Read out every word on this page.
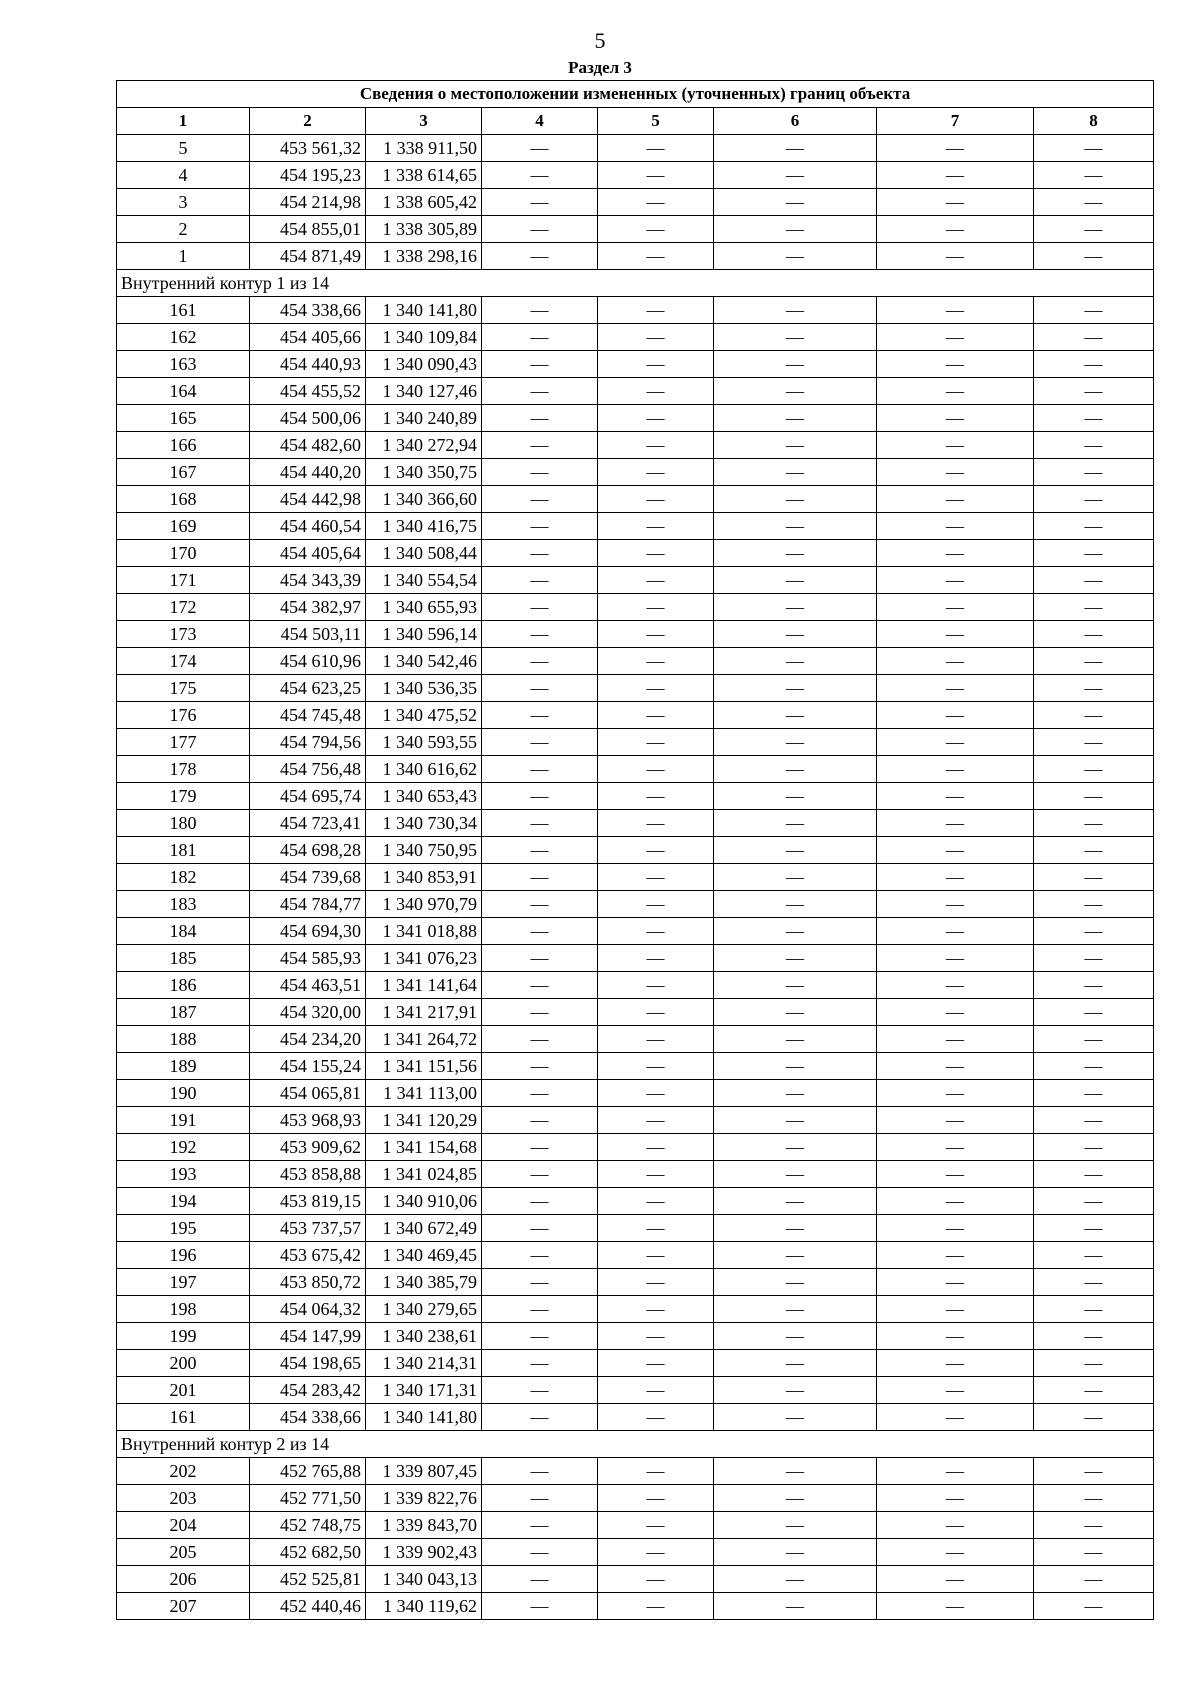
5
Раздел 3
Сведения о местоположении измененных (уточненных) границ объекта							
1	2	3	4	5	6	7	8
5	453 561,32	1 338 911,50	—	—	—	—	—
4	454 195,23	1 338 614,65	—	—	—	—	—
3	454 214,98	1 338 605,42	—	—	—	—	—
2	454 855,01	1 338 305,89	—	—	—	—	—
1	454 871,49	1 338 298,16	—	—	—	—	—
Внутренний контур 1 из 14							
161	454 338,66	1 340 141,80	—	—	—	—	—
162	454 405,66	1 340 109,84	—	—	—	—	—
163	454 440,93	1 340 090,43	—	—	—	—	—
164	454 455,52	1 340 127,46	—	—	—	—	—
165	454 500,06	1 340 240,89	—	—	—	—	—
166	454 482,60	1 340 272,94	—	—	—	—	—
167	454 440,20	1 340 350,75	—	—	—	—	—
168	454 442,98	1 340 366,60	—	—	—	—	—
169	454 460,54	1 340 416,75	—	—	—	—	—
170	454 405,64	1 340 508,44	—	—	—	—	—
171	454 343,39	1 340 554,54	—	—	—	—	—
172	454 382,97	1 340 655,93	—	—	—	—	—
173	454 503,11	1 340 596,14	—	—	—	—	—
174	454 610,96	1 340 542,46	—	—	—	—	—
175	454 623,25	1 340 536,35	—	—	—	—	—
176	454 745,48	1 340 475,52	—	—	—	—	—
177	454 794,56	1 340 593,55	—	—	—	—	—
178	454 756,48	1 340 616,62	—	—	—	—	—
179	454 695,74	1 340 653,43	—	—	—	—	—
180	454 723,41	1 340 730,34	—	—	—	—	—
181	454 698,28	1 340 750,95	—	—	—	—	—
182	454 739,68	1 340 853,91	—	—	—	—	—
183	454 784,77	1 340 970,79	—	—	—	—	—
184	454 694,30	1 341 018,88	—	—	—	—	—
185	454 585,93	1 341 076,23	—	—	—	—	—
186	454 463,51	1 341 141,64	—	—	—	—	—
187	454 320,00	1 341 217,91	—	—	—	—	—
188	454 234,20	1 341 264,72	—	—	—	—	—
189	454 155,24	1 341 151,56	—	—	—	—	—
190	454 065,81	1 341 113,00	—	—	—	—	—
191	453 968,93	1 341 120,29	—	—	—	—	—
192	453 909,62	1 341 154,68	—	—	—	—	—
193	453 858,88	1 341 024,85	—	—	—	—	—
194	453 819,15	1 340 910,06	—	—	—	—	—
195	453 737,57	1 340 672,49	—	—	—	—	—
196	453 675,42	1 340 469,45	—	—	—	—	—
197	453 850,72	1 340 385,79	—	—	—	—	—
198	454 064,32	1 340 279,65	—	—	—	—	—
199	454 147,99	1 340 238,61	—	—	—	—	—
200	454 198,65	1 340 214,31	—	—	—	—	—
201	454 283,42	1 340 171,31	—	—	—	—	—
161	454 338,66	1 340 141,80	—	—	—	—	—
Внутренний контур 2 из 14							
202	452 765,88	1 339 807,45	—	—	—	—	—
203	452 771,50	1 339 822,76	—	—	—	—	—
204	452 748,75	1 339 843,70	—	—	—	—	—
205	452 682,50	1 339 902,43	—	—	—	—	—
206	452 525,81	1 340 043,13	—	—	—	—	—
207	452 440,46	1 340 119,62	—	—	—	—	—
